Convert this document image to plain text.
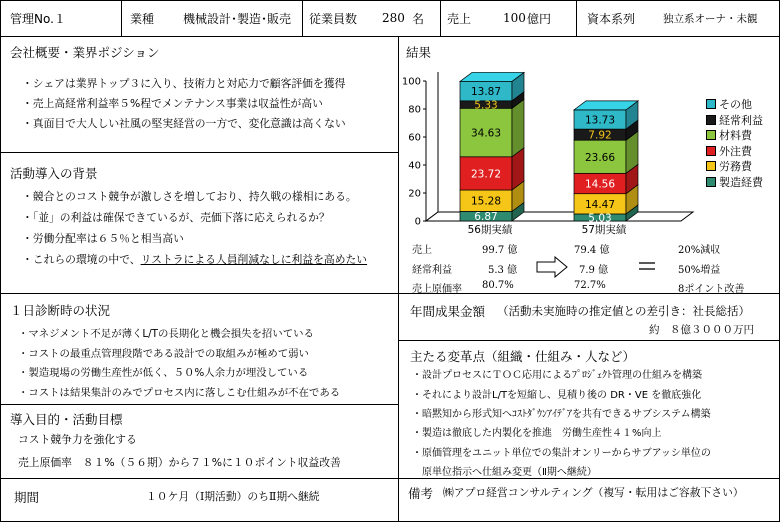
管理No.１	業種 機械設計･製造･販売 従業員数 280 名 売上	100 億円	資本系列	独立系オーナ・未観
会社概要・業界ポジション
・シェアは業界トップ３に入り、技術力と対応力で顧客評価を獲得
・売上高経常利益率５%程でメンテナンス事業は収益性が高い
・真面目で大人しい社風の堅実経営の一方で、変化意識は高くない
活動導入の背景
・競合とのコスト競争が激しさを増しており、持久戦の様相にある。
・「並」の利益は確保できているが、売価下落に応えられるか？
・労働分配率は６５％と相当高い
・これらの環境の中で、リストラによる人員削減なしに利益を高めたい
１日診断時の状況
・マネジメント不足が薄くL/Tの長期化と機会損失を招いている
・コストの最重点管理段階である設計での取組みが極めて弱い
・製造現場の労働生産性が低く、５０%人余力が埋没している
・コストは結果集計のみでプロセス内に落しこむ仕組みが不在である
導入目的・活動目標
コスト競争力を強化する
売上原価率　８１%（５６期）から７１%に１０ポイント収益改善
期間	１０ケ月（Ⅰ期活動）のちⅡ期へ継続
結果
0
20
40
60
80
100
6.87
15.28
23.72
34.63
5.33
13.87
56期実績
5.03
14.47
14.56
23.66
7.92
13.73
57期実績
その他
経常利益
材料費
外注費
労務費
製造経費
売上	99.7 億	79.4 億	20%減収
経常利益	5.3 億	7.9 億	50%増益
売上原価率 80.7%	72.7%	8ポイント改善
年間成果金額 （活動未実施時の推定値との差引き：社長総括）
約　 ８億３０００万円
主たる変革点（組織・仕組み・人など）
・設計プロセスにＴＯＣ応用によるﾌﾟﾛｼﾞｪｸﾄ管理の仕組みを構築
・それにより設計L/Tを短縮し、見積り後の DR・VE を徹底強化
・暗黙知から形式知へｺｽﾄﾀﾞｳﾝｱｲﾃﾞｱを共有できるサブシステム構築
・製造は徹底した内製化を推進　労働生産性４１%向上
・原価管理をユニット単位での集計オンリーからサブアッシ単位の
　原単位指示へ仕組み変更（Ⅱ期へ継続）
備考 ㈱アプロ経営コンサルティング（複写・転用はご容赦下さい）
